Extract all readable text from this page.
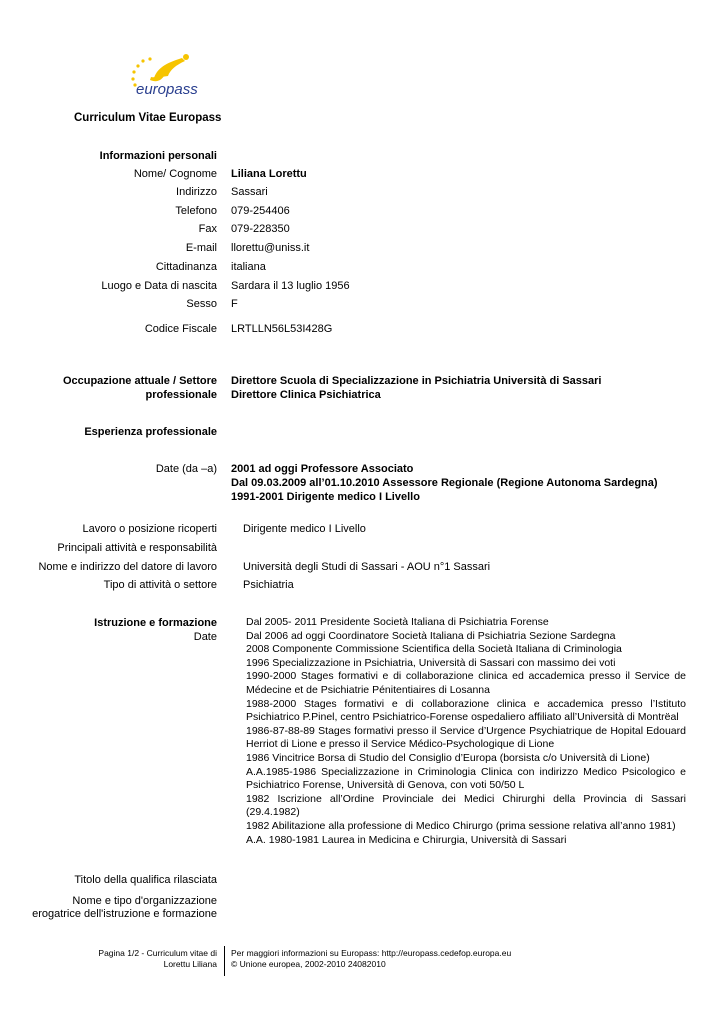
europass
Curriculum Vitae Europass
Informazioni personali
Nome/ Cognome Liliana Lorettu
Indirizzo Sassari
Telefono 079-254406
Fax 079-228350
E-mail llorettu@uniss.it
Cittadinanza italiana
Luogo e Data di nascita Sardara il 13 luglio 1956
Sesso F
Codice Fiscale LRTLLN56L53I428G
Occupazione attuale / Settore
professionale
Direttore Scuola di Specializzazione in Psichiatria Università di Sassari
Direttore Clinica Psichiatrica
Esperienza professionale
Date (da –a) 2001 ad oggi Professore Associato
Dal 09.03.2009 all’01.10.2010 Assessore Regionale (Regione Autonoma Sardegna)
1991-2001 Dirigente medico I Livello
Lavoro o posizione ricoperti Dirigente medico I Livello
Principali attività e responsabilità
Nome e indirizzo del datore di lavoro Università degli Studi di Sassari - AOU n°1 Sassari
Tipo di attività o settore Psichiatria
Istruzione e formazione
Date
Dal 2005- 2011 Presidente Società Italiana di Psichiatria Forense
Dal 2006 ad oggi Coordinatore Società Italiana di Psichiatria Sezione Sardegna
2008 Componente Commissione Scientifica della Società Italiana di Criminologia
1996 Specializzazione in Psichiatria, Università di Sassari con massimo dei voti
1990-2000 Stages formativi e di collaborazione clinica ed accademica presso il Service de Médecine et de Psichiatrie Pénitentiaires di Losanna
1988-2000 Stages formativi e di collaborazione clinica e accademica presso l’Istituto Psichiatrico P.Pinel, centro Psichiatrico-Forense ospedaliero affiliato all’Università di Montrëal
1986-87-88-89 Stages formativi presso il Service d’Urgence Psychiatrique de Hopital Edouard Herriot di Lione e presso il Service Médico-Psychologique di Lione
1986 Vincitrice Borsa di Studio del Consiglio d’Europa (borsista c/o Università di Lione)
A.A.1985-1986 Specializzazione in Criminologia Clinica con indirizzo Medico Psicologico e Psichiatrico Forense, Università di Genova, con voti 50/50 L
1982 Iscrizione all’Ordine Provinciale dei Medici Chirurghi della Provincia di Sassari (29.4.1982)
1982 Abilitazione alla professione di Medico Chirurgo (prima sessione relativa all’anno 1981)
A.A. 1980-1981 Laurea in Medicina e Chirurgia, Università di Sassari
Titolo della qualifica rilasciata
Nome e tipo d'organizzazione
erogatrice dell'istruzione e formazione
Pagina 1/2 - Curriculum vitae di
Lorettu Liliana
Per maggiori informazioni su Europass: http://europass.cedefop.europa.eu
© Unione europea, 2002-2010 24082010
